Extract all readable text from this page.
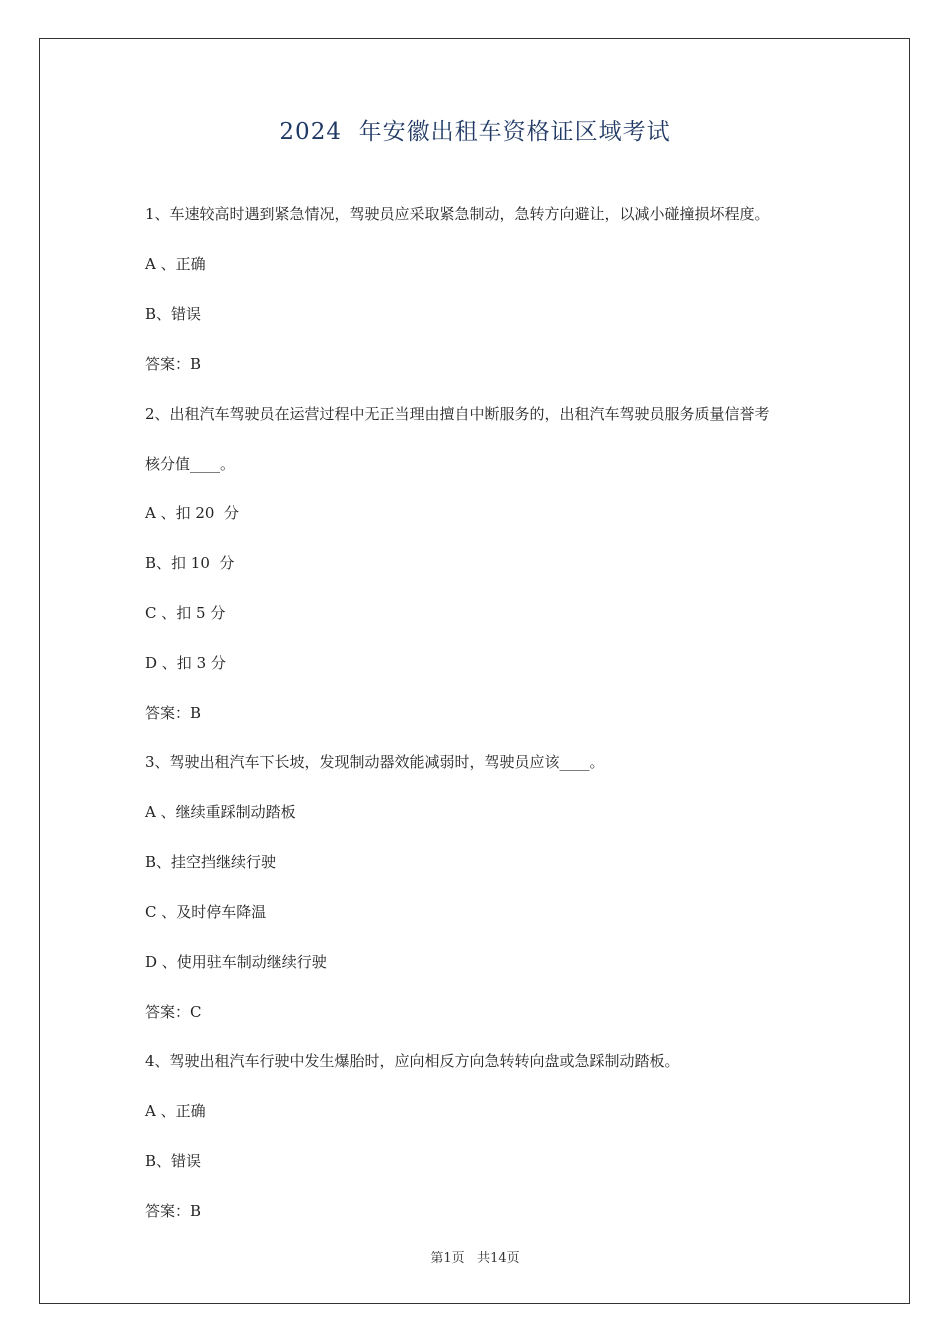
2024  年安徽出租车资格证区域考试
1、车速较高时遇到紧急情况，驾驶员应采取紧急制动，急转方向避让，以减小碰撞损坏程度。
A 、正确
B、错误
答案：B
2、出租汽车驾驶员在运营过程中无正当理由擅自中断服务的，出租汽车驾驶员服务质量信誉考
核分值____。
A 、扣 20  分
B、扣 10  分
C 、扣 5 分
D 、扣 3 分
答案：B
3、驾驶出租汽车下长坡，发现制动器效能减弱时，驾驶员应该____。
A 、继续重踩制动踏板
B、挂空挡继续行驶
C 、及时停车降温
D 、使用驻车制动继续行驶
答案：C
4、驾驶出租汽车行驶中发生爆胎时，应向相反方向急转转向盘或急踩制动踏板。
A 、正确
B、错误
答案：B
第1页 共14页
